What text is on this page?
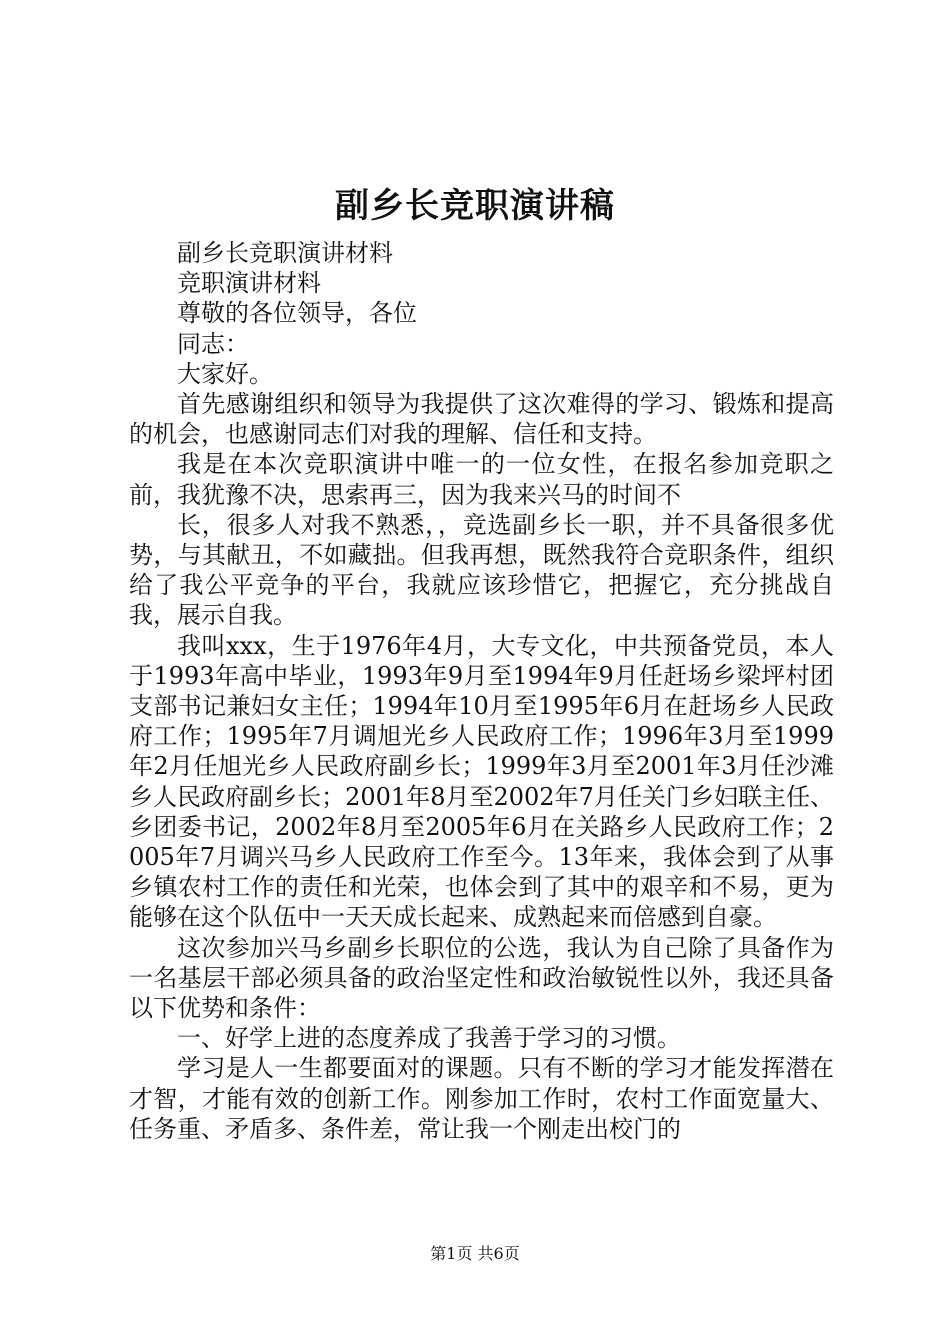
副乡长竞职演讲稿

副乡长竞职演讲材料

竞职演讲材料

尊敬的各位领导，各位

同志：

大家好。

首先感谢组织和领导为我提供了这次难得的学习、锻炼和提高的机会，也感谢同志们对我的理解、信任和支持。

我是在本次竞职演讲中唯一的一位女性，在报名参加竞职之前，我犹豫不决，思索再三，因为我来兴马的时间不

长，很多人对我不熟悉，，竞选副乡长一职，并不具备很多优势，与其献丑，不如藏拙。但我再想，既然我符合竞职条件，组织给了我公平竞争的平台，我就应该珍惜它，把握它，充分挑战自我，展示自我。

我叫xxx，生于1976年4月，大专文化，中共预备党员，本人于1993年高中毕业，1993年9月至1994年9月任赶场乡梁坪村团支部书记兼妇女主任；1994年10月至1995年6月在赶场乡人民政府工作；1995年7月调旭光乡人民政府工作；1996年3月至1999年2月任旭光乡人民政府副乡长；1999年3月至2001年3月任沙滩乡人民政府副乡长；2001年8月至2002年7月任关门乡妇联主任、乡团委书记，2002年8月至2005年6月在关路乡人民政府工作；2005年7月调兴马乡人民政府工作至今。13年来，我体会到了从事乡镇农村工作的责任和光荣，也体会到了其中的艰辛和不易，更为能够在这个队伍中一天天成长起来、成熟起来而倍感到自豪。

这次参加兴马乡副乡长职位的公选，我认为自己除了具备作为一名基层干部必须具备的政治坚定性和政治敏锐性以外，我还具备以下优势和条件：

一、好学上进的态度养成了我善于学习的习惯。

学习是人一生都要面对的课题。只有不断的学习才能发挥潜在才智，才能有效的创新工作。刚参加工作时，农村工作面宽量大、任务重、矛盾多、条件差，常让我一个刚走出校门的

第1页 共6页
